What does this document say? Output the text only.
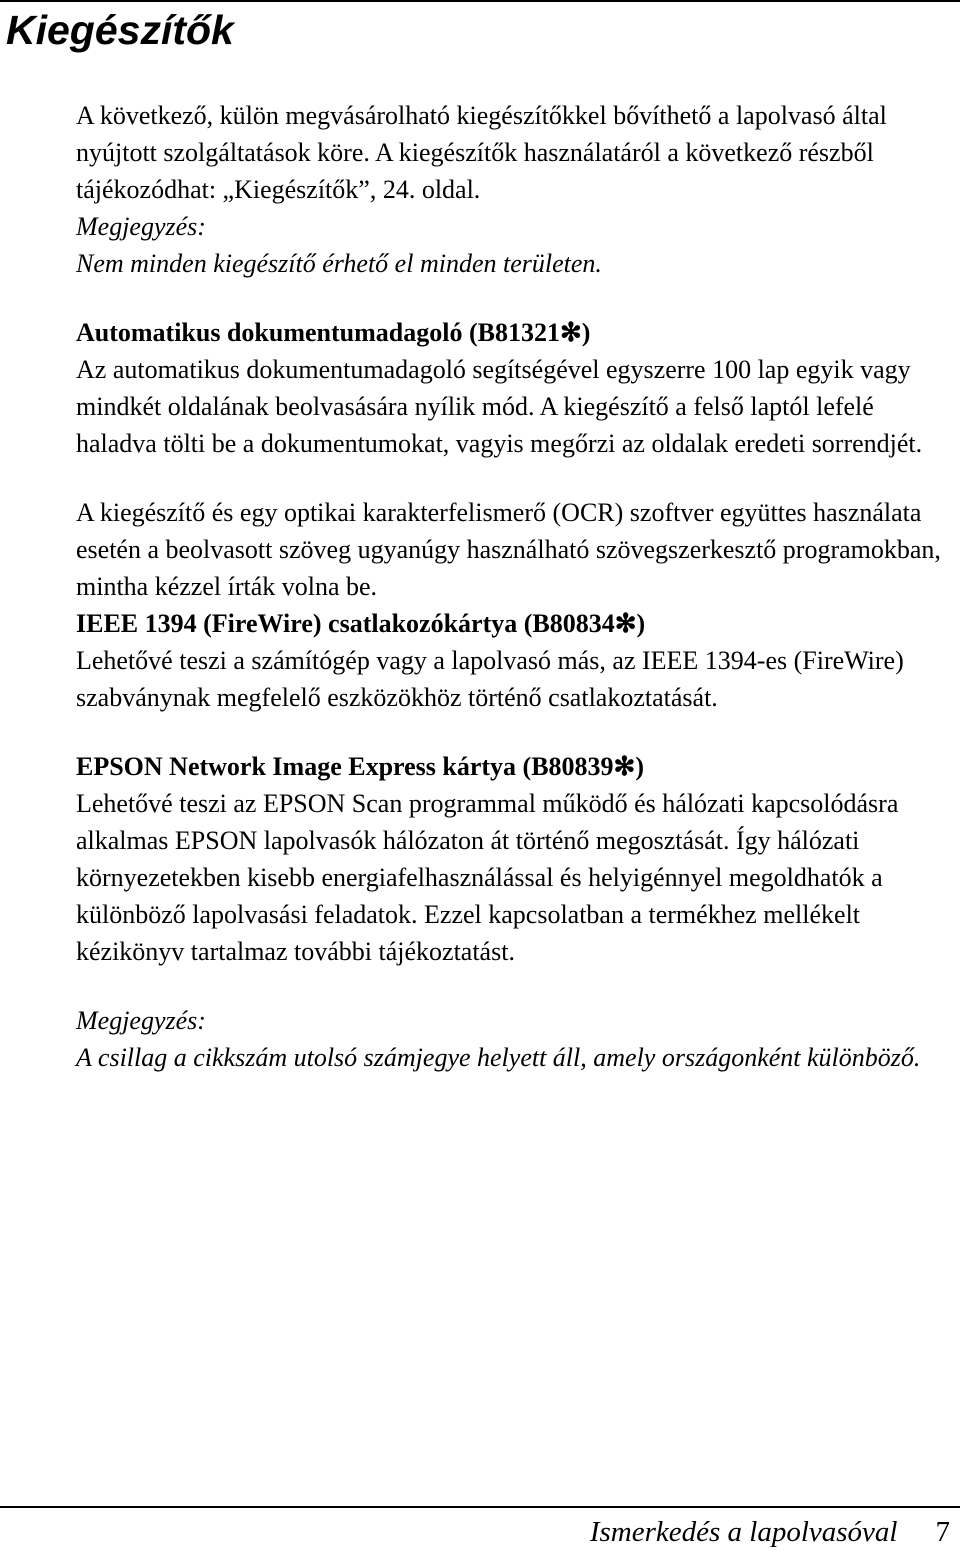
Kiegészítők

A következő, külön megvásárolható kiegészítőkkel bővíthető a lapolvasó által nyújtott szolgáltatások köre. A kiegészítők használatáról a következő részből tájékozódhat: „Kiegészítők”, 24. oldal.

Megjegyzés:

Nem minden kiegészítő érhető el minden területen.

Automatikus dokumentumadagoló (B81321✻)

Az automatikus dokumentumadagoló segítségével egyszerre 100 lap egyik vagy mindkét oldalának beolvasására nyílik mód. A kiegészítő a felső laptól lefelé haladva tölti be a dokumentumokat, vagyis megőrzi az oldalak eredeti sorrendjét.

A kiegészítő és egy optikai karakterfelismerő (OCR) szoftver együttes használata esetén a beolvasott szöveg ugyanúgy használható szövegszerkesztő programokban, mintha kézzel írták volna be.

IEEE 1394 (FireWire) csatlakozókártya (B80834✻)

Lehetővé teszi a számítógép vagy a lapolvasó más, az IEEE 1394-es (FireWire) szabványnak megfelelő eszközökhöz történő csatlakoztatását.

EPSON Network Image Express kártya (B80839✻)

Lehetővé teszi az EPSON Scan programmal működő és hálózati kapcsolódásra alkalmas EPSON lapolvasók hálózaton át történő megosztását. Így hálózati környezetekben kisebb energiafelhasználással és helyigénnyel megoldhatók a különböző lapolvasási feladatok. Ezzel kapcsolatban a termékhez mellékelt kézikönyv tartalmaz további tájékoztatást.

Megjegyzés:

A csillag a cikkszám utolsó számjegye helyett áll, amely országonként különböző.

Ismerkedés a lapolvasóval 7
